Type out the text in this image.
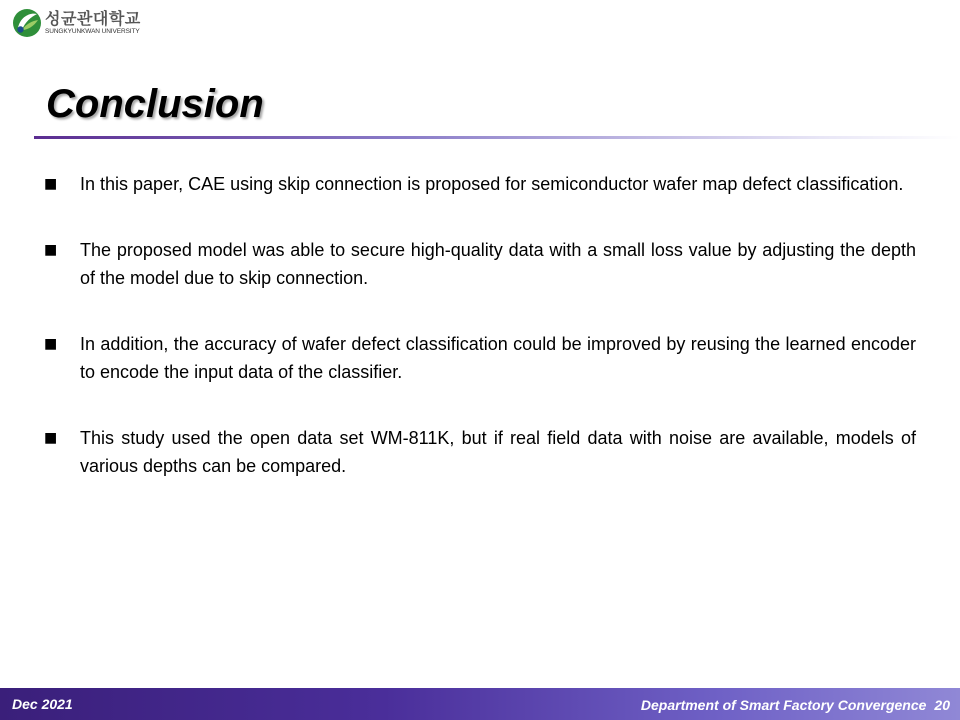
성균관대학교
SUNGKYUNKWAN UNIVERSITY
Conclusion
■	In this paper, CAE using skip connection is proposed for semiconductor wafer map defect classification.

■	The proposed model was able to secure high-quality data with a small loss value by adjusting the depth of the model due to skip connection.

■	In addition, the accuracy of wafer defect classification could be improved by reusing the learned encoder to encode the input data of the classifier.

■	This study used the open data set WM-811K, but if real field data with noise are available, models of various depths can be compared.

Dec 2021	Department of Smart Factory Convergence 20
